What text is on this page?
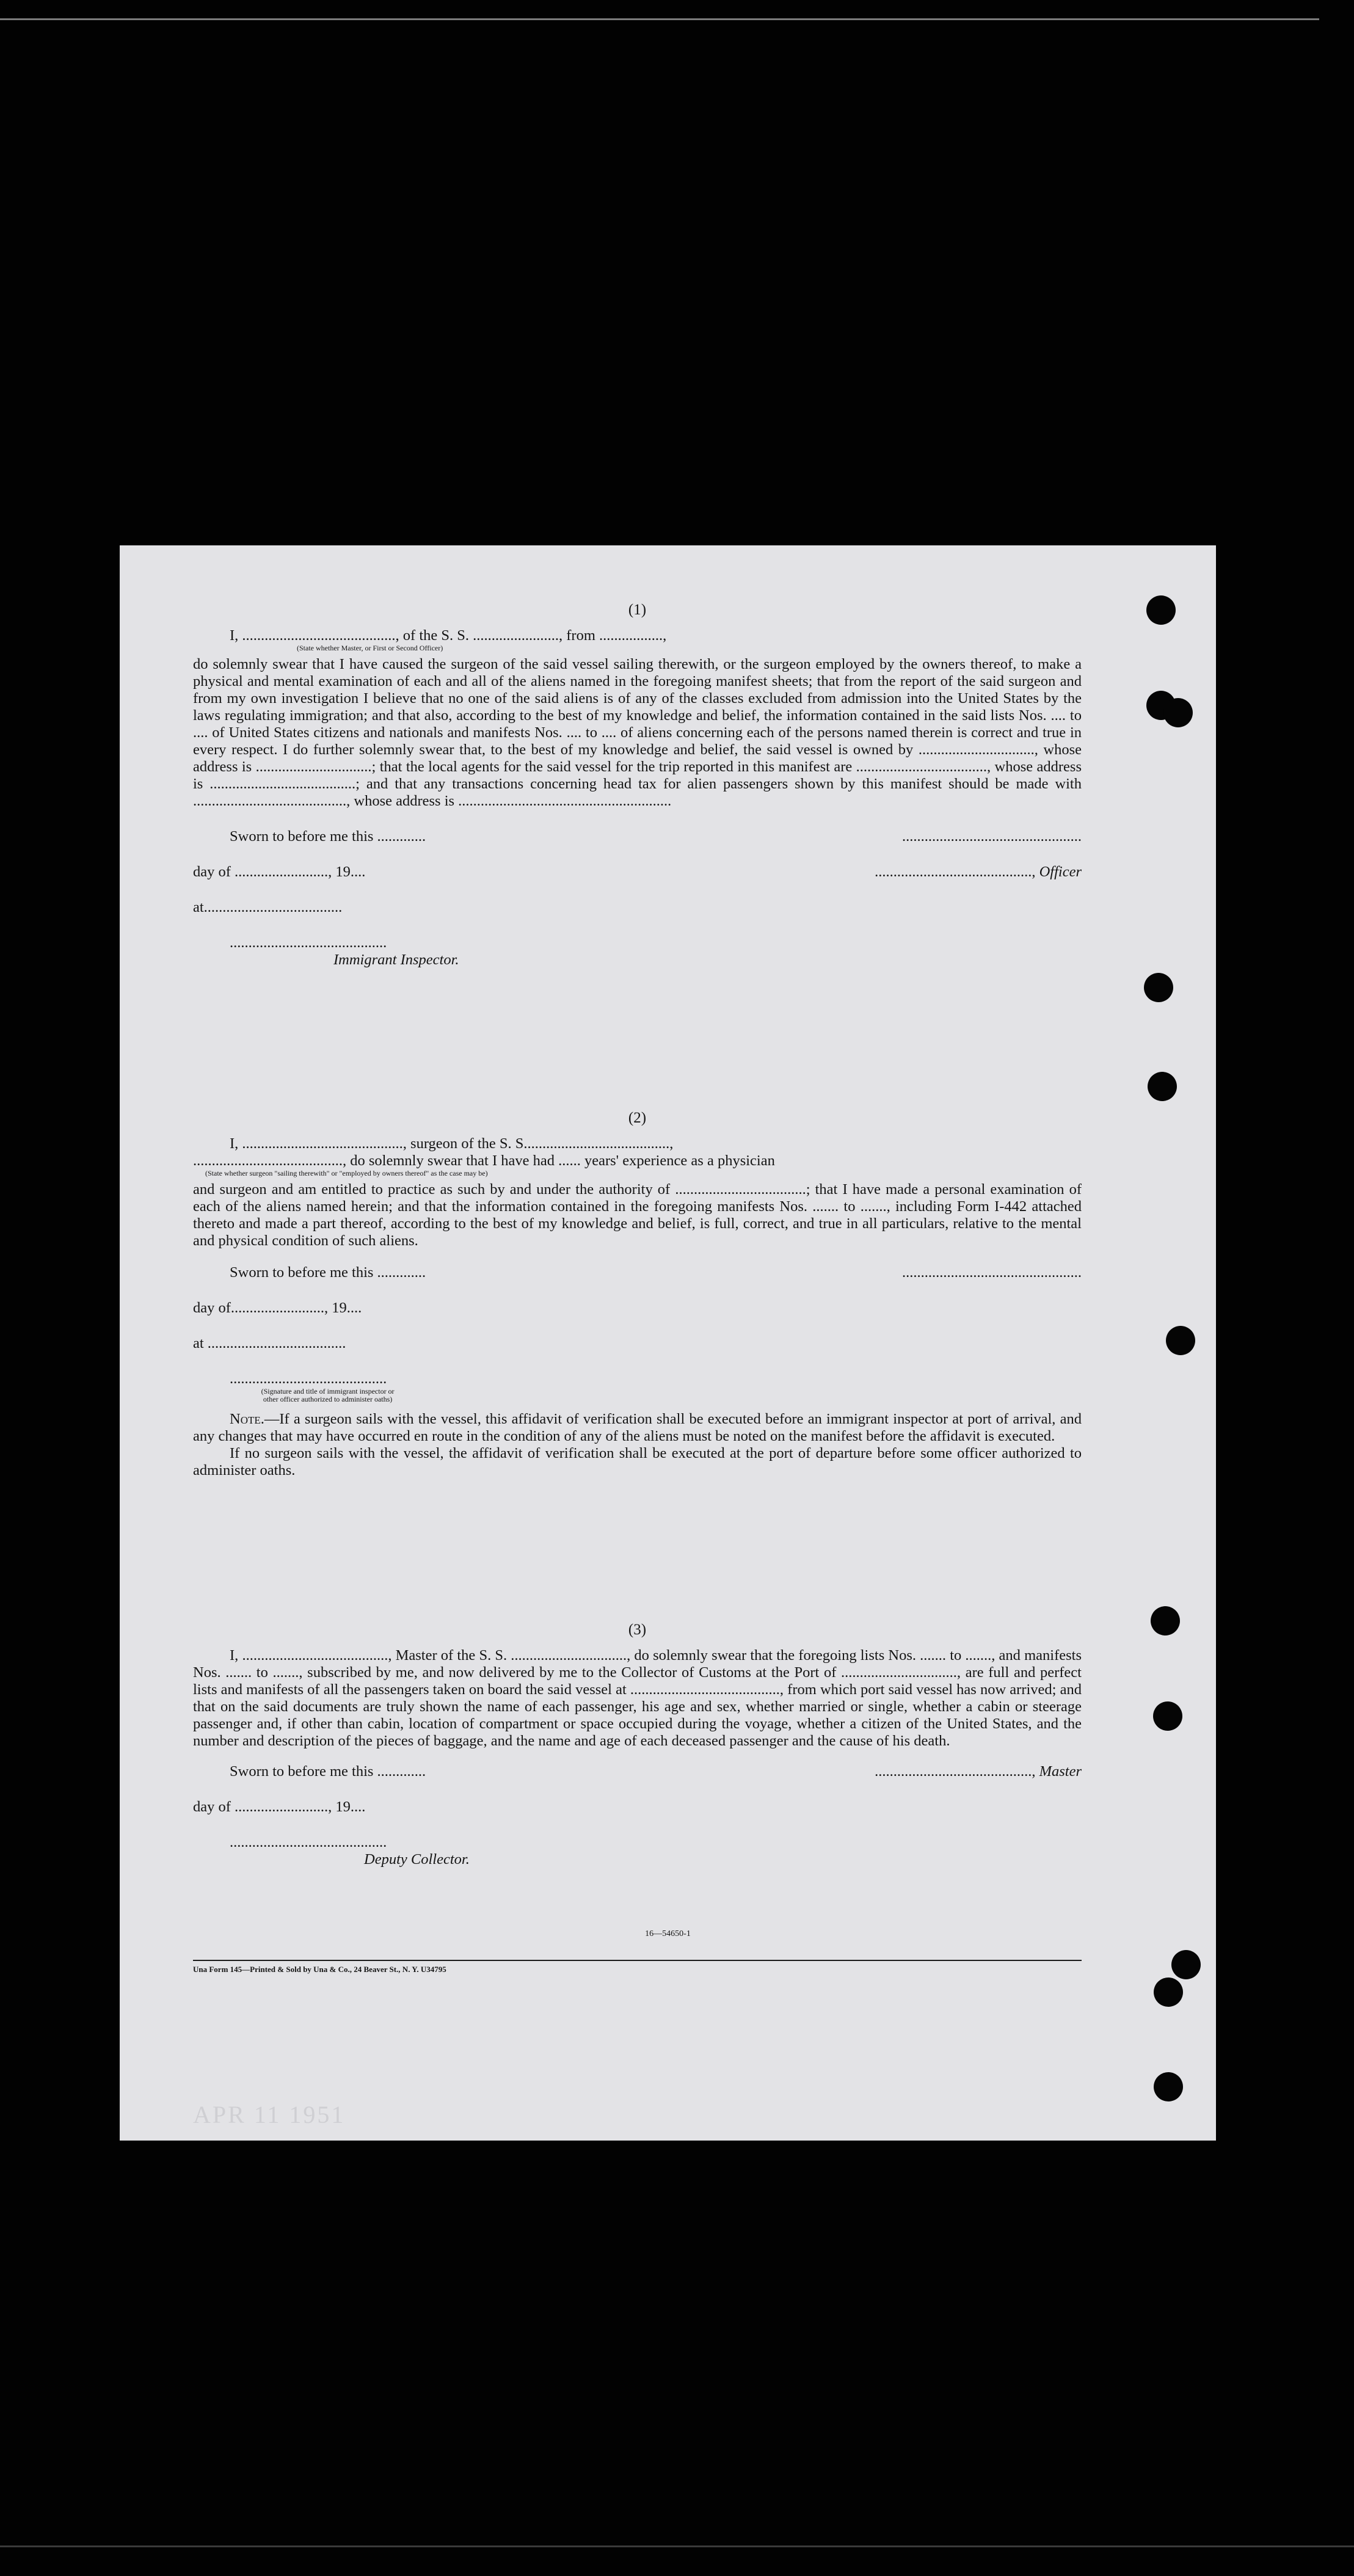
(1)
I, ........................................., of the S. S. ......................., from .................,
(State whether Master, or First or Second Officer)

do solemnly swear that I have caused the surgeon of the said vessel sailing therewith, or the surgeon employed by the owners thereof, to make a physical and mental examination of each and all of the aliens named in the foregoing manifest sheets; that from the report of the said surgeon and from my own investigation I believe that no one of the said aliens is of any of the classes excluded from admission into the United States by the laws regulating immigration; and that also, according to the best of my knowledge and belief, the information contained in the said lists Nos. .... to .... of United States citizens and nationals and manifests Nos. .... to .... of aliens concerning each of the persons named therein is correct and true in every respect. I do further solemnly swear that, to the best of my knowledge and belief, the said vessel is owned by ..............................., whose address is ...............................; that the local agents for the said vessel for the trip reported in this manifest are ..................................., whose address is .......................................; and that any transactions concerning head tax for alien passengers shown by this manifest should be made with ........................................., whose address is .........................................................

Sworn to before me this .............
day of ........................., 19....
at.....................................
..........................................
Immigrant Inspector.
................................................
.........................................., Officer
(2)
I, ..........................................., surgeon of the S. S.......................................,
........................................, do solemnly swear that I have had ...... years' experience as a physician
(State whether surgeon "sailing therewith" or "employed by owners thereof" as the case may be)

and surgeon and am entitled to practice as such by and under the authority of ...................................; that I have made a personal examination of each of the aliens named herein; and that the information contained in the foregoing manifests Nos. ....... to ......., including Form I-442 attached thereto and made a part thereof, according to the best of my knowledge and belief, is full, correct, and true in all particulars, relative to the mental and physical condition of such aliens.

Sworn to before me this .............
day of........................., 19....
at .....................................
..........................................
(Signature and title of immigrant inspector or
other officer authorized to administer oaths)
................................................

Note.—If a surgeon sails with the vessel, this affidavit of verification shall be executed before an immigrant inspector at port of arrival, and any changes that may have occurred en route in the condition of any of the aliens must be noted on the manifest before the affidavit is executed.

If no surgeon sails with the vessel, the affidavit of verification shall be executed at the port of departure before some officer authorized to administer oaths.

(3)

I, ......................................., Master of the S. S. ..............................., do solemnly swear that the foregoing lists Nos. ....... to ......., and manifests Nos. ....... to ......., subscribed by me, and now delivered by me to the Collector of Customs at the Port of ..............................., are full and perfect lists and manifests of all the passengers taken on board the said vessel at ........................................, from which port said vessel has now arrived; and that on the said documents are truly shown the name of each passenger, his age and sex, whether married or single, whether a cabin or steerage passenger and, if other than cabin, location of compartment or space occupied during the voyage, whether a citizen of the United States, and the number and description of the pieces of baggage, and the name and age of each deceased passenger and the cause of his death.

Sworn to before me this .............
day of ........................., 19....
..........................................
Deputy Collector.
.........................................., Master
16—54650-1
Una Form 145—Printed & Sold by Una & Co., 24 Beaver St., N. Y. U34795
APR 11 1951
